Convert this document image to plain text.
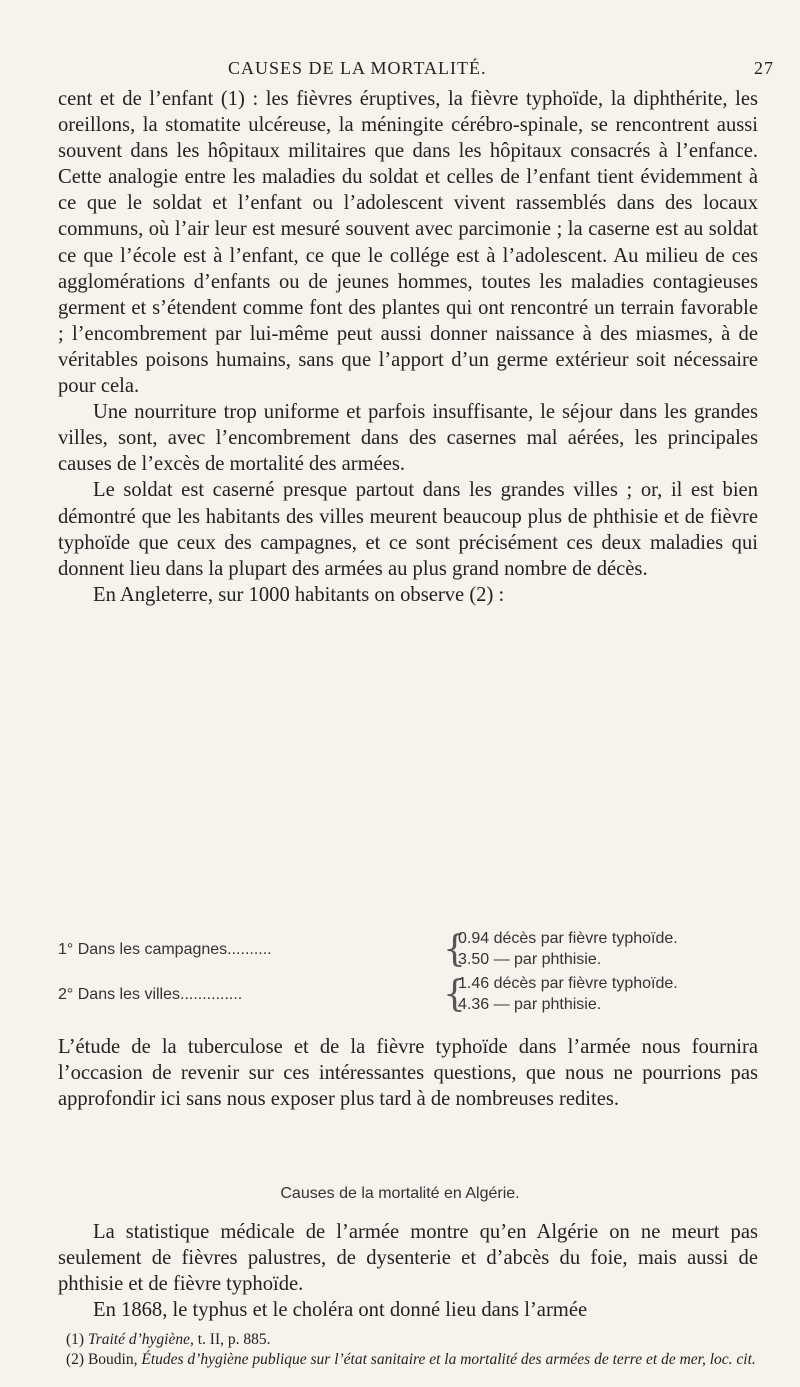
CAUSES DE LA MORTALITÉ.	27

cent et de l’enfant (1) : les fièvres éruptives, la fièvre typhoïde, la diphthérite, les oreillons, la stomatite ulcéreuse, la méningite cérébro-spinale, se rencontrent aussi souvent dans les hôpitaux militaires que dans les hôpitaux consacrés à l’enfance. Cette analogie entre les maladies du soldat et celles de l’enfant tient évidemment à ce que le soldat et l’enfant ou l’adolescent vivent rassemblés dans des locaux communs, où l’air leur est mesuré souvent avec parcimonie ; la caserne est au soldat ce que l’école est à l’enfant, ce que le collége est à l’adolescent. Au milieu de ces agglomérations d’enfants ou de jeunes hommes, toutes les maladies contagieuses germent et s’étendent comme font des plantes qui ont rencontré un terrain favorable ; l’encombrement par lui-même peut aussi donner naissance à des miasmes, à de véritables poisons humains, sans que l’apport d’un germe extérieur soit nécessaire pour cela.

Une nourriture trop uniforme et parfois insuffisante, le séjour dans les grandes villes, sont, avec l’encombrement dans des casernes mal aérées, les principales causes de l’excès de mortalité des armées.

Le soldat est caserné presque partout dans les grandes villes ; or, il est bien démontré que les habitants des villes meurent beaucoup plus de phthisie et de fièvre typhoïde que ceux des campagnes, et ce sont précisément ces deux maladies qui donnent lieu dans la plupart des armées au plus grand nombre de décès.

En Angleterre, sur 1000 habitants on observe (2) :

1° Dans les campagnes..........	{
0.94 décès par fièvre typhoïde.
3.50 — par phthisie.
2° Dans les villes..............	{
1.46 décès par fièvre typhoïde.
4.36 — par phthisie.

L’étude de la tuberculose et de la fièvre typhoïde dans l’armée nous fournira l’occasion de revenir sur ces intéressantes questions, que nous ne pourrions pas approfondir ici sans nous exposer plus tard à de nombreuses redites.

Causes de la mortalité en Algérie.

La statistique médicale de l’armée montre qu’en Algérie on ne meurt pas seulement de fièvres palustres, de dysenterie et d’abcès du foie, mais aussi de phthisie et de fièvre typhoïde.

En 1868, le typhus et le choléra ont donné lieu dans l’armée

(1) Traité d’hygiène, t. II, p. 885.

(2) Boudin, Études d’hygiène publique sur l’état sanitaire et la mortalité des armées de terre et de mer, loc. cit.
